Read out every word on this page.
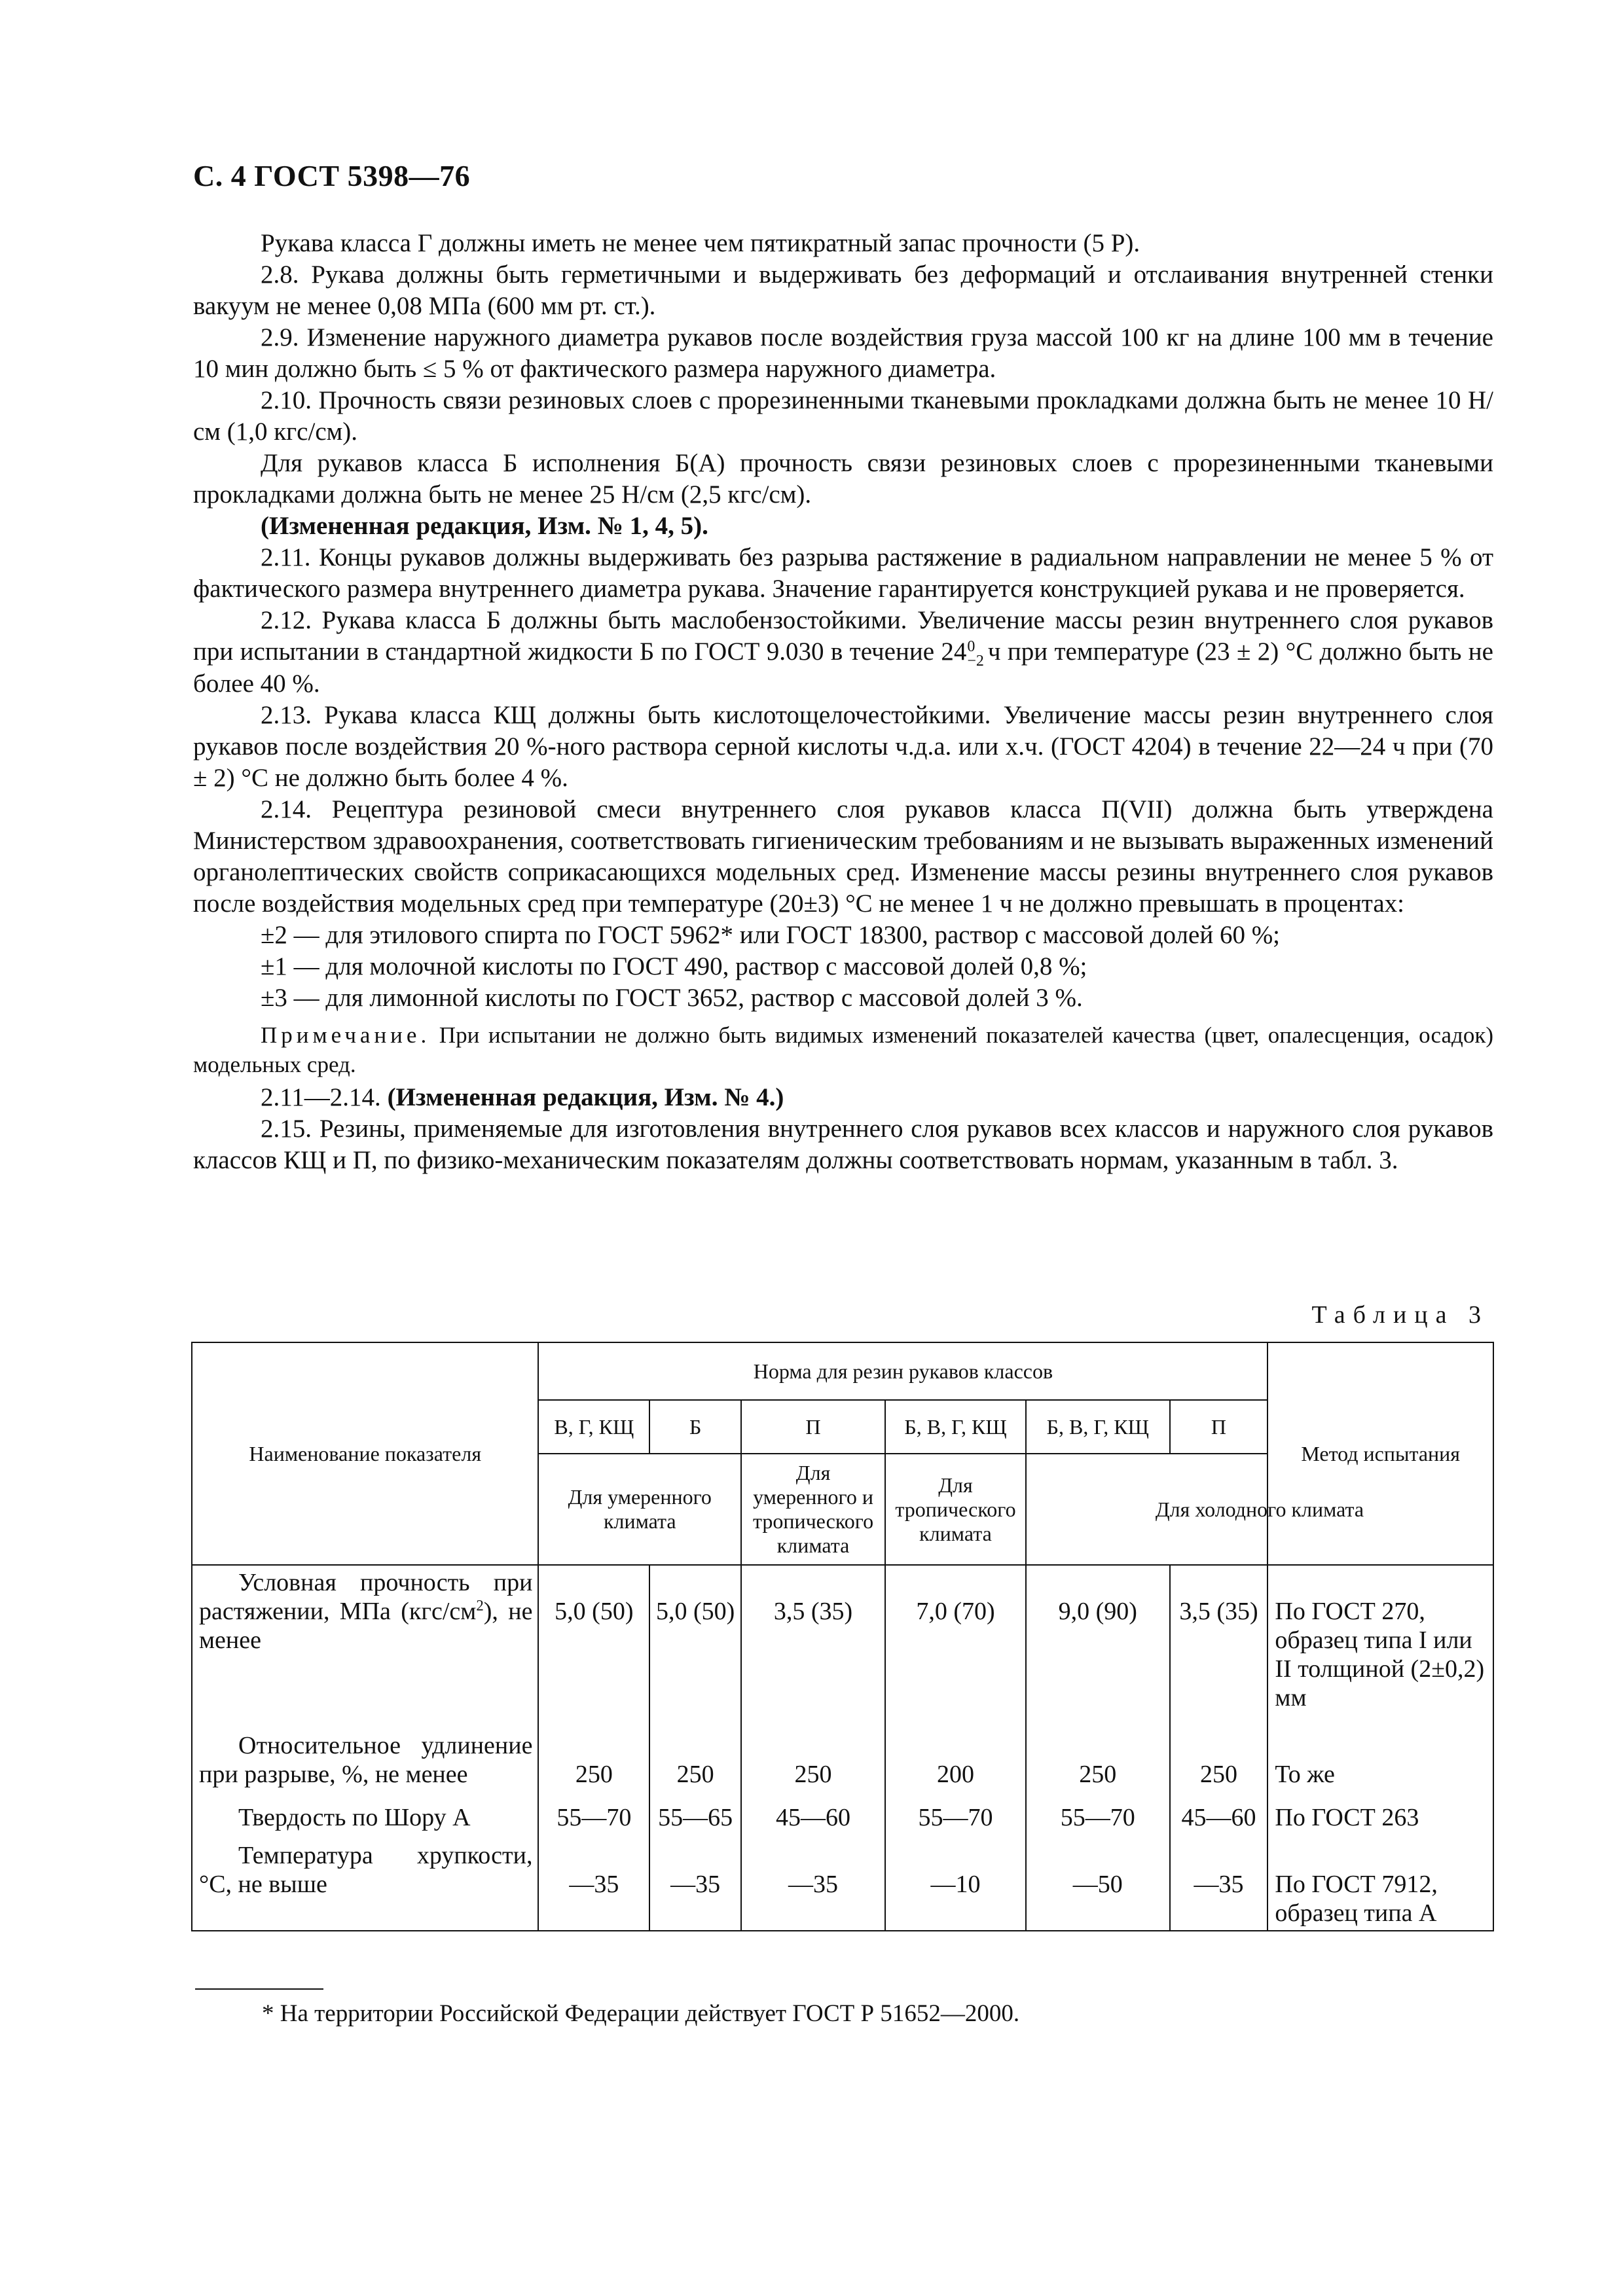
С. 4 ГОСТ 5398—76

Рукава класса Г должны иметь не менее чем пятикратный запас прочности (5 Р).

2.8. Рукава должны быть герметичными и выдерживать без деформаций и отслаивания внутренней стенки вакуум не менее 0,08 МПа (600 мм рт. ст.).

2.9. Изменение наружного диаметра рукавов после воздействия груза массой 100 кг на длине 100 мм в течение 10 мин должно быть ≤ 5 % от фактического размера наружного диаметра.

2.10. Прочность связи резиновых слоев с прорезиненными тканевыми прокладками должна быть не менее 10 Н/см (1,0 кгс/см).

Для рукавов класса Б исполнения Б(А) прочность связи резиновых слоев с прорезиненными тканевыми прокладками должна быть не менее 25 Н/см (2,5 кгс/см).

(Измененная редакция, Изм. № 1, 4, 5).

2.11. Концы рукавов должны выдерживать без разрыва растяжение в радиальном направлении не менее 5 % от фактического размера внутреннего диаметра рукава. Значение гарантируется конструкцией рукава и не проверяется.

2.12. Рукава класса Б должны быть маслобензостойкими. Увеличение массы резин внутреннего слоя рукавов при испытании в стандартной жидкости Б по ГОСТ 9.030 в течение 24 0
−2 ч при температуре (23 ± 2) °С должно быть не более 40 %.

2.13. Рукава класса КЩ должны быть кислотощелочестойкими. Увеличение массы резин внутреннего слоя рукавов после воздействия 20 %-ного раствора серной кислоты ч.д.а. или х.ч. (ГОСТ 4204) в течение 22—24 ч при (70 ± 2) °С не должно быть более 4 %.

2.14. Рецептура резиновой смеси внутреннего слоя рукавов класса П(VII) должна быть утверждена Министерством здравоохранения, соответствовать гигиеническим требованиям и не вызывать выраженных изменений органолептических свойств соприкасающихся модельных сред. Изменение массы резины внутреннего слоя рукавов после воздействия модельных сред при температуре (20±3) °С не менее 1 ч не должно превышать в процентах:

±2 — для этилового спирта по ГОСТ 5962* или ГОСТ 18300, раствор с массовой долей 60 %;

±1 — для молочной кислоты по ГОСТ 490, раствор с массовой долей 0,8 %;

±3 — для лимонной кислоты по ГОСТ 3652, раствор с массовой долей 3 %.

Примечание. При испытании не должно быть видимых изменений показателей качества (цвет, опалесценция, осадок) модельных сред.

2.11—2.14. (Измененная редакция, Изм. № 4.)

2.15. Резины, применяемые для изготовления внутреннего слоя рукавов всех классов и наружного слоя рукавов классов КЩ и П, по физико-механическим показателям должны соответствовать нормам, указанным в табл. 3.

Таблица 3
Наименование показателя	Норма для резин рукавов классов						Метод испытания
	В, Г, КЩ	Б	П	Б, В, Г, КЩ	Б, В, Г, КЩ	П	
	Для умеренного климата		Для умеренного и тропического климата	Для тропического климата	Для холодного климата		
Условная прочность при растяжении, МПа $(кгс/см^2)$, не менее	5,0 (50)	5,0 (50)	3,5 (35)	7,0 (70)	9,0 (90)	3,5 (35)	По ГОСТ 270, образец типа I или II толщиной (2±0,2) мм
Относительное удлинение при разрыве, %, не менее	250	250	250	200	250	250	То же
Твердость по Шору А	55—70	55—65	45—60	55—70	55—70	45—60	По ГОСТ 263
Температура хрупкости, °С, не выше	—35	—35	—35	—10	—50	—35	По ГОСТ 7912, образец типа А
* На территории Российской Федерации действует ГОСТ Р 51652—2000.
